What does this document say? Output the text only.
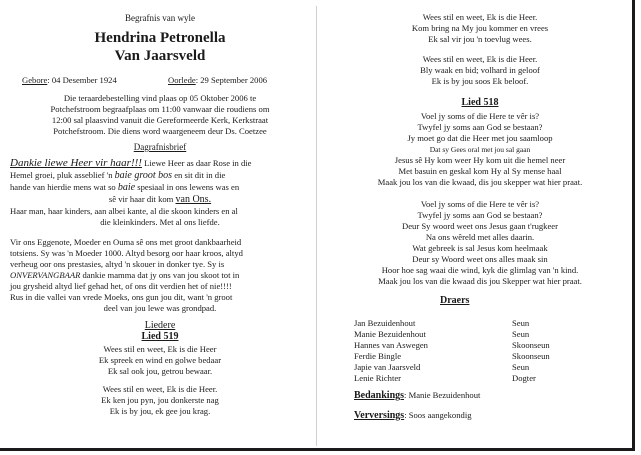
Begrafnis van wyle
Hendrina Petronella
Van Jaarsveld
Gebore: 04 Desember 1924	Oorlede: 29 September 2006
Die teraardebestelling vind plaas op 05 Oktober 2006 te
Potchefstroom begraafplaas om 11:00 vanwaar die roudiens om
12:00 sal plaasvind vanuit die Gereformeerde Kerk, Kerkstraat
Potchefstroom. Die diens word waargeneem deur Ds. Coetzee
Dagrafnisbrief
Dankie liewe Heer vir haar!!! Liewe Heer as daar Rose in die
Hemel groei, pluk asseblief 'n baie groot bos en sit dit in die
hande van hierdie mens wat so baie spesiaal in ons lewens was en
sê vir haar dit kom van Ons.
Haar man, haar kinders, aan albei kante, al die skoon kinders en al
die kleinkinders. Met al ons liefde.
Vir ons Eggenote, Moeder en Ouma sê ons met groot dankbaarheid
totsiens. Sy was 'n Moeder 1000. Altyd besorg oor haar kroos, altyd
verheug oor ons prestasies, altyd 'n skouer in donker tye. Sy is
ONVERVANGBAAR dankie mamma dat jy ons van jou skoot tot in
jou grysheid altyd lief gehad het, of ons dit verdien het of nie!!!!
Rus in die vallei van vrede Moeks, ons gun jou dit, want 'n groot
deel van jou lewe was grondpad.
Liedere
Lied 519
Wees stil en weet, Ek is die Heer
Ek spreek en wind en golwe bedaar
Ek sal ook jou, getrou bewaar.
Wees stil en weet, Ek is die Heer.
Ek ken jou pyn, jou donkerste nag
Ek is by jou, ek gee jou krag.
Wees stil en weet, Ek is die Heer.
Kom bring na My jou kommer en vrees
Ek sal vir jou 'n toevlug wees.
Wees stil en weet, Ek is die Heer.
Bly waak en bid; volhard in geloof
Ek is by jou soos Ek beloof.
Lied 518
Voel jy soms of die Here te vêr is?
Twyfel jy soms aan God se bestaan?
Jy moet go dat die Heer met jou saamloop
Dat sy Gees oral met jou sal gaan
Jesus sê Hy kom weer Hy kom uit die hemel neer
Met basuin en geskal kom Hy al Sy mense haal
Maak jou los van die kwaad, dis jou skepper wat hier praat.
Voel jy soms of die Here te vêr is?
Twyfel jy soms aan God se bestaan?
Deur Sy woord weet ons Jesus gaan t'rugkeer
Na ons wêreld met alles daarin.
Wat gebreek is sal Jesus kom heelmaak
Deur sy Woord weet ons alles maak sin
Hoor hoe sag waai die wind, kyk die glimlag van 'n kind.
Maak jou los van die kwaad dis jou Skepper wat hier praat.
Draers
Jan Bezuidenhout	Seun
Manie Bezuidenhout	Seun
Hannes van Aswegen	Skoonseun
Ferdie Bingle	Skoonseun
Japie van Jaarsveld	Seun
Lenie Richter	Dogter
Bedankings: Manie Bezuidenhout
Verversings: Soos aangekondig
